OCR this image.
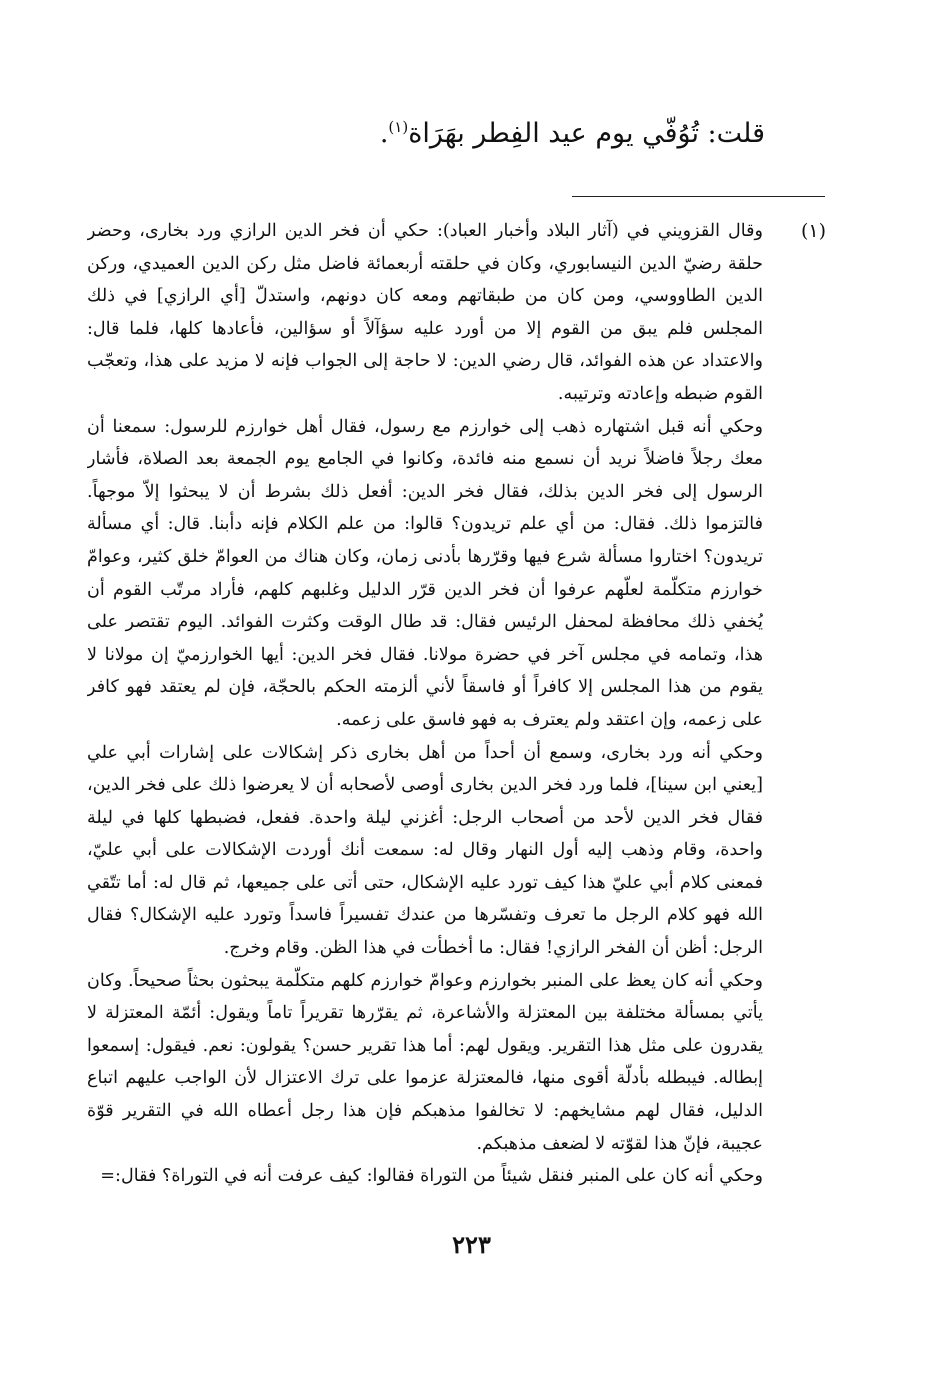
قلت: تُوُفّي يوم عيد الفِطر بهَرَاة$^{(١)}$.
(١)

وقال القزويني في (آثار البلاد وأخبار العباد): حكي أن فخر الدين الرازي ورد بخارى، وحضر حلقة رضيّ الدين النيسابوري، وكان في حلقته أربعمائة فاضل مثل ركن الدين العميدي، وركن الدين الطاووسي، ومن كان من طبقاتهم ومعه كان دونهم، واستدلّ [أي الرازي] في ذلك المجلس فلم يبق من القوم إلا من أورد عليه سؤآلاً أو سؤالين، فأعادها كلها، فلما قال: والاعتداد عن هذه الفوائد، قال رضي الدين: لا حاجة إلى الجواب فإنه لا مزيد على هذا، وتعجّب القوم ضبطه وإعادته وترتيبه.

وحكي أنه قبل اشتهاره ذهب إلى خوارزم مع رسول، فقال أهل خوارزم للرسول: سمعنا أن معك رجلاً فاضلاً نريد أن نسمع منه فائدة، وكانوا في الجامع يوم الجمعة بعد الصلاة، فأشار الرسول إلى فخر الدين بذلك، فقال فخر الدين: أفعل ذلك بشرط أن لا يبحثوا إلاّ موجهاً. فالتزموا ذلك. فقال: من أي علم تريدون؟ قالوا: من علم الكلام فإنه دأبنا. قال: أي مسألة تريدون؟ اختاروا مسألة شرع فيها وقرّرها بأدنى زمان، وكان هناك من العوامّ خلق كثير، وعوامّ خوارزم متكلّمة لعلّهم عرفوا أن فخر الدين قرّر الدليل وغلبهم كلهم، فأراد مرتّب القوم أن يُخفي ذلك محافظة لمحفل الرئيس فقال: قد طال الوقت وكثرت الفوائد. اليوم تقتصر على هذا، وتمامه في مجلس آخر في حضرة مولانا. فقال فخر الدين: أيها الخوارزميّ إن مولانا لا يقوم من هذا المجلس إلا كافراً أو فاسقاً لأني ألزمته الحكم بالحجّة، فإن لم يعتقد فهو كافر على زعمه، وإن اعتقد ولم يعترف به فهو فاسق على زعمه.

وحكي أنه ورد بخارى، وسمع أن أحداً من أهل بخارى ذكر إشكالات على إشارات أبي علي [يعني ابن سينا]، فلما ورد فخر الدين بخارى أوصى لأصحابه أن لا يعرضوا ذلك على فخر الدين، فقال فخر الدين لأحد من أصحاب الرجل: أغزني ليلة واحدة. ففعل، فضبطها كلها في ليلة واحدة، وقام وذهب إليه أول النهار وقال له: سمعت أنك أوردت الإشكالات على أبي عليّ، فمعنى كلام أبي عليّ هذا كيف تورد عليه الإشكال، حتى أتى على جميعها، ثم قال له: أما تتّقي الله فهو كلام الرجل ما تعرف وتفسّرها من عندك تفسيراً فاسداً وتورد عليه الإشكال؟ فقال الرجل: أظن أن الفخر الرازي! فقال: ما أخطأت في هذا الظن. وقام وخرج.

وحكي أنه كان يعظ على المنبر بخوارزم وعوامّ خوارزم كلهم متكلّمة يبحثون بحثاً صحيحاً. وكان يأتي بمسألة مختلفة بين المعتزلة والأشاعرة، ثم يقرّرها تقريراً تاماً ويقول: أئمّة المعتزلة لا يقدرون على مثل هذا التقرير. ويقول لهم: أما هذا تقرير حسن؟ يقولون: نعم. فيقول: إسمعوا إبطاله. فيبطله بأدلّة أقوى منها، فالمعتزلة عزموا على ترك الاعتزال لأن الواجب عليهم اتباع الدليل، فقال لهم مشايخهم: لا تخالفوا مذهبكم فإن هذا رجل أعطاه الله في التقرير قوّة عجيبة، فإنّ هذا لقوّته لا لضعف مذهبكم.

وحكي أنه كان على المنبر فنقل شيئاً من التوراة فقالوا: كيف عرفت أنه في التوراة؟ فقال:=

٢٢٣
